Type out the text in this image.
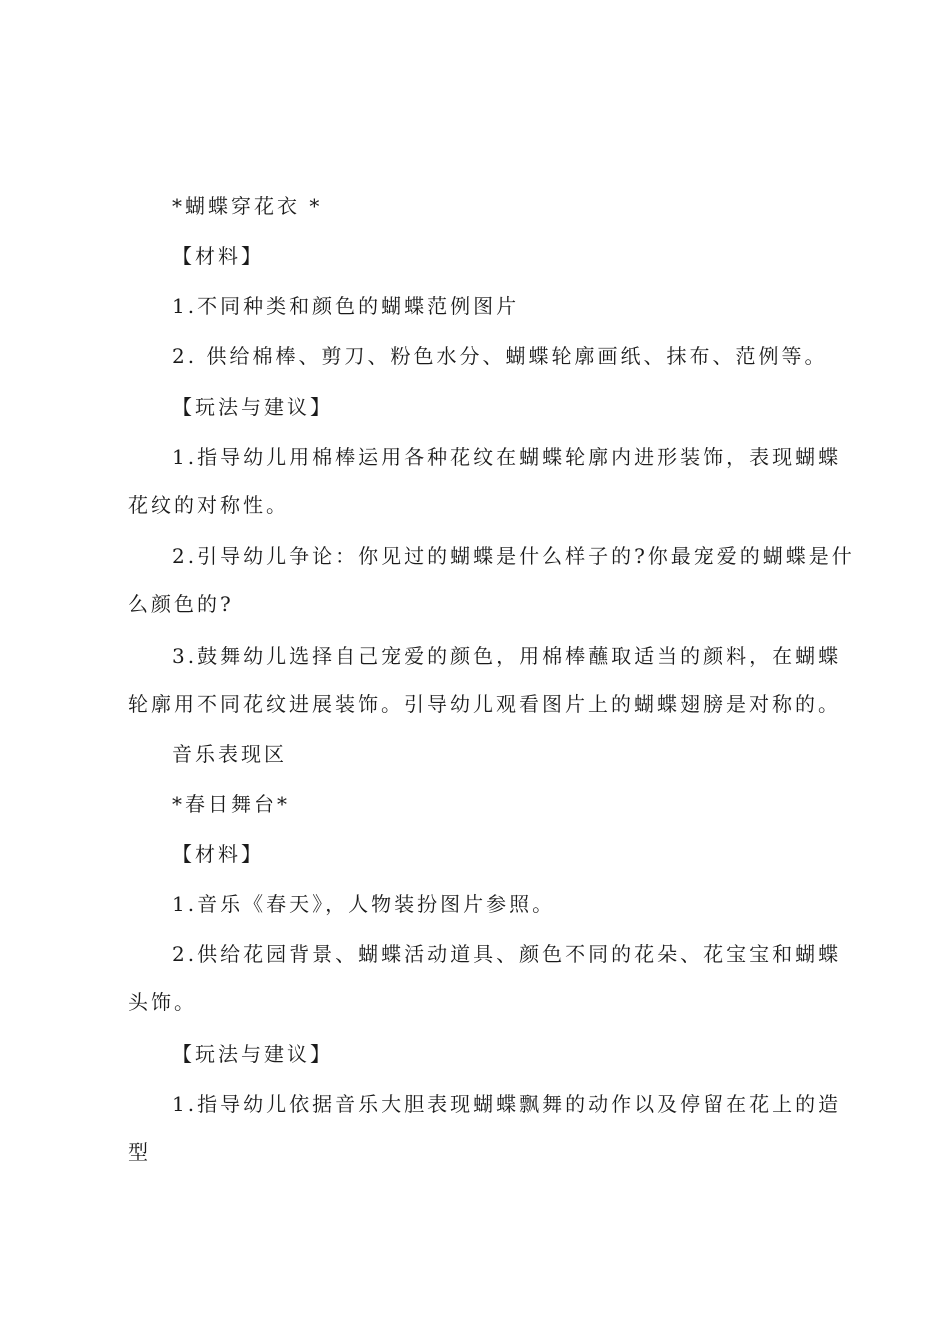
*蝴蝶穿花衣 *
【材料】
1.不同种类和颜色的蝴蝶范例图片
2. 供给棉棒、剪刀、粉色水分、蝴蝶轮廓画纸、抹布、范例等。
【玩法与建议】
1.指导幼儿用棉棒运用各种花纹在蝴蝶轮廓内进形装饰，表现蝴蝶
花纹的对称性。
2.引导幼儿争论：你见过的蝴蝶是什么样子的?你最宠爱的蝴蝶是什
么颜色的?
3.鼓舞幼儿选择自己宠爱的颜色，用棉棒蘸取适当的颜料，在蝴蝶
轮廓用不同花纹进展装饰。引导幼儿观看图片上的蝴蝶翅膀是对称的。
音乐表现区
*春日舞台*
【材料】
1.音乐《春天》，人物装扮图片参照。
2.供给花园背景、蝴蝶活动道具、颜色不同的花朵、花宝宝和蝴蝶
头饰。
【玩法与建议】
1.指导幼儿依据音乐大胆表现蝴蝶飘舞的动作以及停留在花上的造
型
